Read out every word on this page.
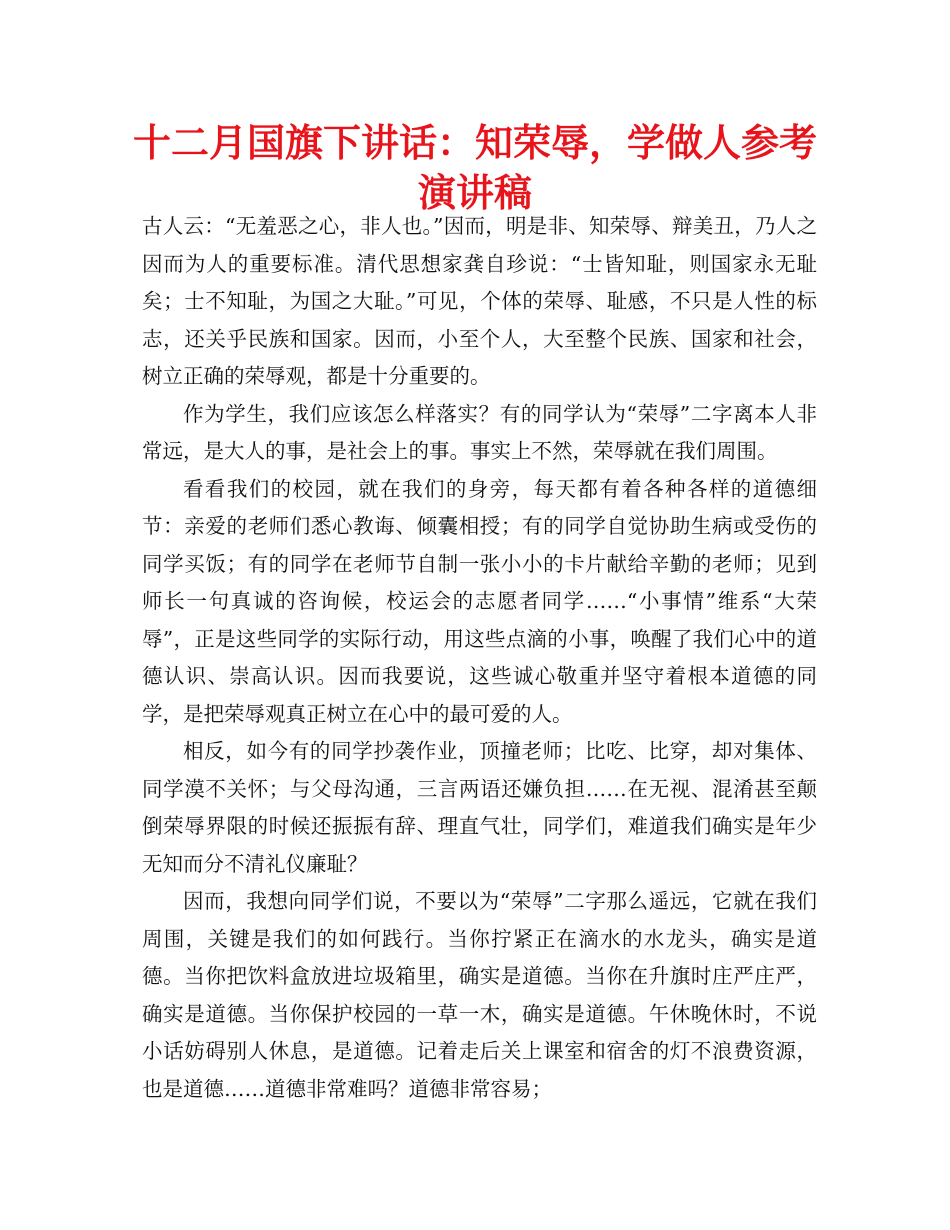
十二月国旗下讲话：知荣辱，学做人参考演讲稿

古人云：“无羞恶之心，非人也。”因而，明是非、知荣辱、辩美丑，乃人之因而为人的重要标准。清代思想家龚自珍说：“士皆知耻，则国家永无耻矣；士不知耻，为国之大耻。”可见，个体的荣辱、耻感，不只是人性的标志，还关乎民族和国家。因而，小至个人，大至整个民族、国家和社会，树立正确的荣辱观，都是十分重要的。

作为学生，我们应该怎么样落实？有的同学认为“荣辱”二字离本人非常远，是大人的事，是社会上的事。事实上不然，荣辱就在我们周围。

看看我们的校园，就在我们的身旁，每天都有着各种各样的道德细节：亲爱的老师们悉心教诲、倾囊相授；有的同学自觉协助生病或受伤的同学买饭；有的同学在老师节自制一张小小的卡片献给辛勤的老师；见到师长一句真诚的咨询候，校运会的志愿者同学……“小事情”维系“大荣辱”，正是这些同学的实际行动，用这些点滴的小事，唤醒了我们心中的道德认识、崇高认识。因而我要说，这些诚心敬重并坚守着根本道德的同学，是把荣辱观真正树立在心中的最可爱的人。

相反，如今有的同学抄袭作业，顶撞老师；比吃、比穿，却对集体、同学漠不关怀；与父母沟通，三言两语还嫌负担……在无视、混淆甚至颠倒荣辱界限的时候还振振有辞、理直气壮，同学们，难道我们确实是年少无知而分不清礼仪廉耻？

因而，我想向同学们说，不要以为“荣辱”二字那么遥远，它就在我们周围，关键是我们的如何践行。当你拧紧正在滴水的水龙头，确实是道德。当你把饮料盒放进垃圾箱里，确实是道德。当你在升旗时庄严庄严，确实是道德。当你保护校园的一草一木，确实是道德。午休晚休时，不说小话妨碍别人休息，是道德。记着走后关上课室和宿舍的灯不浪费资源，也是道德……道德非常难吗？道德非常容易；
